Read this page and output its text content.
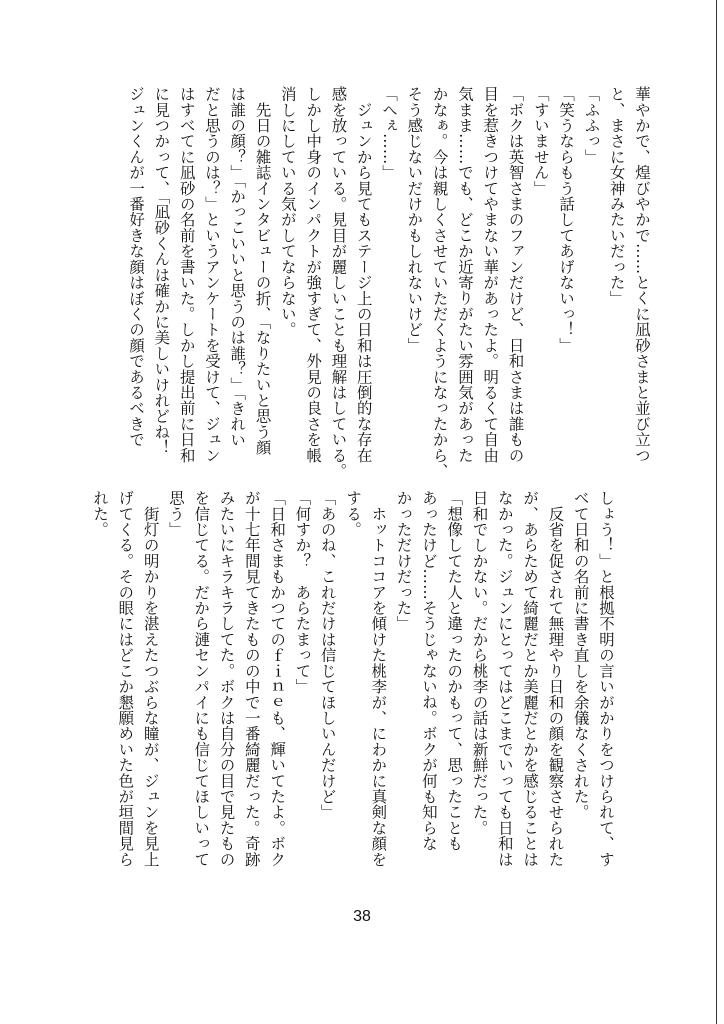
華やかで、煌びやかで……とくに凪砂さまと並び立つ

と、まさに女神みたいだった」

「ふふっ」

「笑うならもう話してあげないっ！」

「すいません」

「ボクは英智さまのファンだけど、日和さまは誰もの

目を惹きつけてやまない華があったよ。明るくて自由

気まま……でも、どこか近寄りがたい雰囲気があった

かなぁ。今は親しくさせていただくようになったから、

そう感じないだけかもしれないけど」

「へぇ……」

　ジュンから見てもステージ上の日和は圧倒的な存在

感を放っている。見目が麗しいことも理解はしている。

しかし中身のインパクトが強すぎて、外見の良さを帳

消しにしている気がしてならない。

　先日の雑誌インタビューの折、「なりたいと思う顔

は誰の顔？」「かっこいいと思うのは誰？」「きれい

だと思うのは？」というアンケートを受けて、ジュン

はすべてに凪砂の名前を書いた。しかし提出前に日和

に見つかって、「凪砂くんは確かに美しいけれどね！

ジュンくんが一番好きな顔はぼくの顔であるべきで

しょう！」と根拠不明の言いがかりをつけられて、す

べて日和の名前に書き直しを余儀なくされた。

　反省を促されて無理やり日和の顔を観察させられた

が、あらためて綺麗だとか美麗だとかを感じることは

なかった。ジュンにとってはどこまでいっても日和は

日和でしかない。だから桃李の話は新鮮だった。

「想像してた人と違ったのかもって、思ったことも

あったけど……そうじゃないね。ボクが何も知らな

かっただけだった」

　ホットココアを傾けた桃李が、にわかに真剣な顔を

する。

「あのね、これだけは信じてほしいんだけど」

「何すか？　あらたまって」

「日和さまもかつてのｆｉｎｅも、輝いてたよ。ボク

が十七年間見てきたものの中で一番綺麗だった。奇跡

みたいにキラキラしてた。ボクは自分の目で見たもの

を信じてる。だから漣センパイにも信じてほしいって

思う」

　街灯の明かりを湛えたつぶらな瞳が、ジュンを見上

げてくる。その眼にはどこか懇願めいた色が垣間見ら

れた。

38
